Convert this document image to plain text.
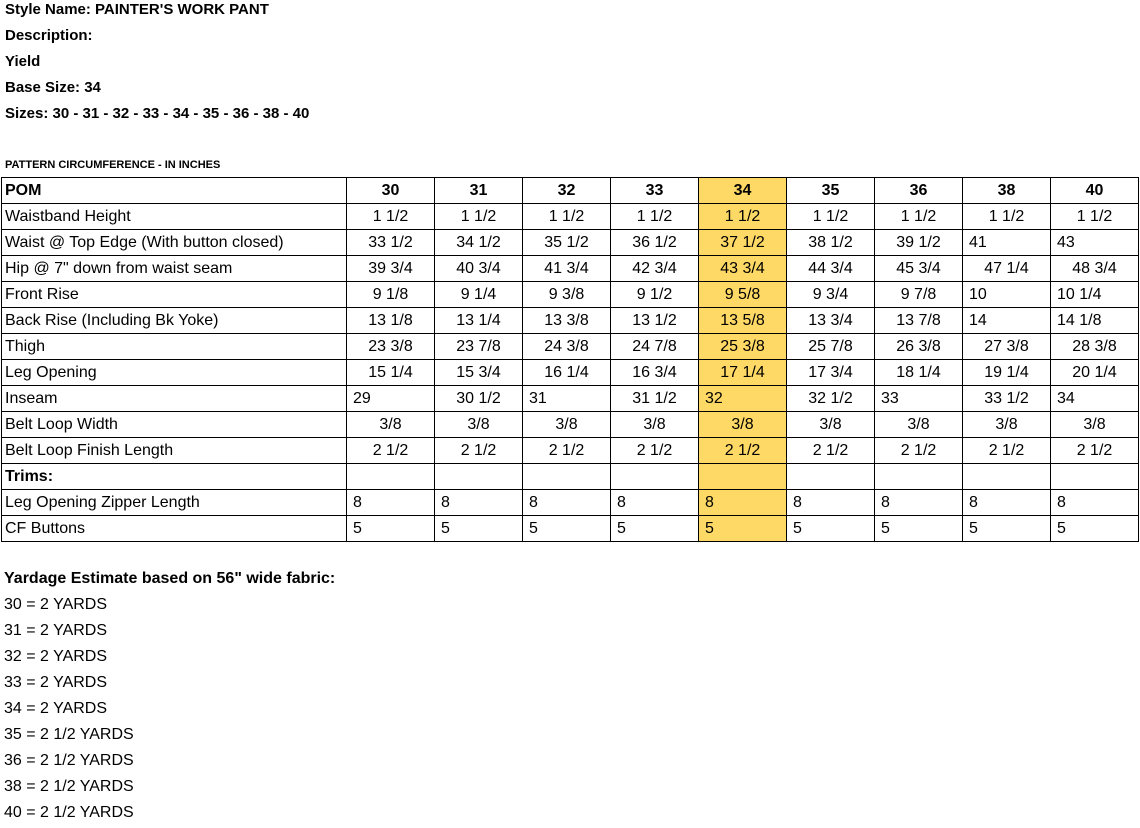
Style Name: PAINTER'S WORK PANT
Description:
Yield
Base Size: 34
Sizes: 30 - 31 - 32 - 33 - 34 - 35 - 36 - 38 - 40
PATTERN CIRCUMFERENCE - IN INCHES
POM	30	31	32	33	34	35	36	38	40
Waistband Height	1 1/2	1 1/2	1 1/2	1 1/2	1 1/2	1 1/2	1 1/2	1 1/2	1 1/2
Waist @ Top Edge (With button closed)	33 1/2	34 1/2	35 1/2	36 1/2	37 1/2	38 1/2	39 1/2	41	43
Hip @ 7" down from waist seam	39 3/4	40 3/4	41 3/4	42 3/4	43 3/4	44 3/4	45 3/4	47 1/4	48 3/4
Front Rise	9 1/8	9 1/4	9 3/8	9 1/2	9 5/8	9 3/4	9 7/8	10	10 1/4
Back Rise (Including Bk Yoke)	13 1/8	13 1/4	13 3/8	13 1/2	13 5/8	13 3/4	13 7/8	14	14 1/8
Thigh	23 3/8	23 7/8	24 3/8	24 7/8	25 3/8	25 7/8	26 3/8	27 3/8	28 3/8
Leg Opening	15 1/4	15 3/4	16 1/4	16 3/4	17 1/4	17 3/4	18 1/4	19 1/4	20 1/4
Inseam	29	30 1/2	31	31 1/2	32	32 1/2	33	33 1/2	34
Belt Loop Width	3/8	3/8	3/8	3/8	3/8	3/8	3/8	3/8	3/8
Belt Loop Finish Length	2 1/2	2 1/2	2 1/2	2 1/2	2 1/2	2 1/2	2 1/2	2 1/2	2 1/2
Trims:									
Leg Opening Zipper Length	8	8	8	8	8	8	8	8	8
CF Buttons	5	5	5	5	5	5	5	5	5
Yardage Estimate based on 56" wide fabric:
30 = 2 YARDS
31 = 2 YARDS
32 = 2 YARDS
33 = 2 YARDS
34 = 2 YARDS
35 = 2 1/2 YARDS
36 = 2 1/2 YARDS
38 = 2 1/2 YARDS
40 = 2 1/2 YARDS
